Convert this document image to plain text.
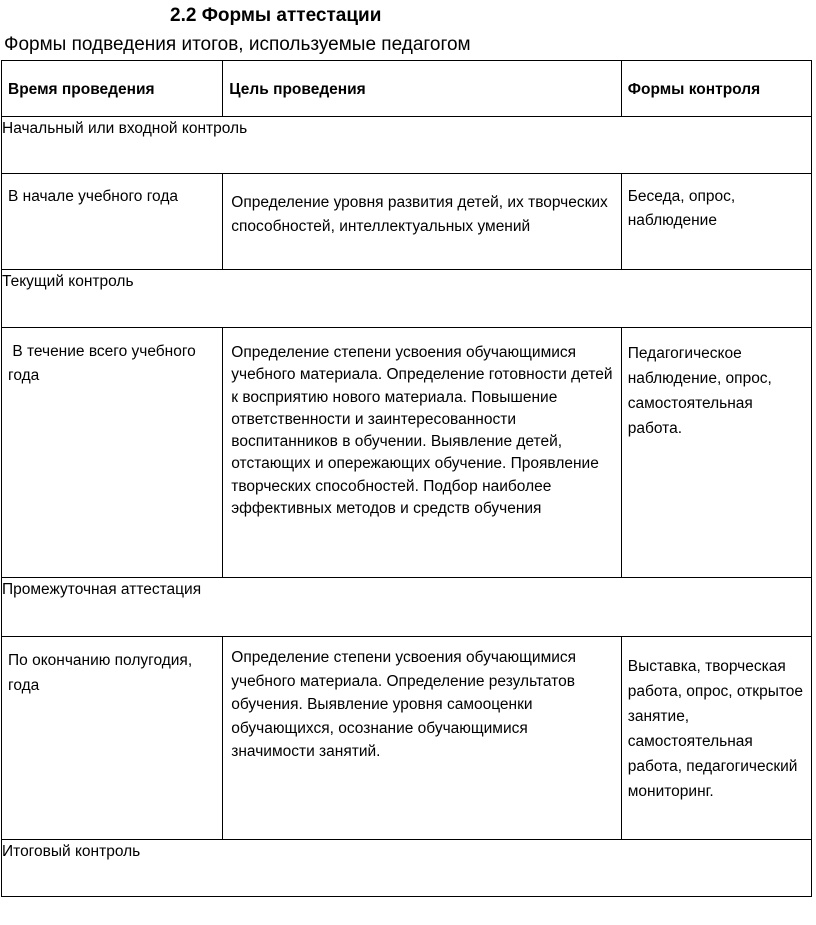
2.2 Формы аттестации
Формы подведения итогов, используемые педагогом
Время проведения	Цель проведения	Формы контроля
Начальный или входной контроль		

В начале учебного года	Определение уровня развития детей, их творческих способностей, интеллектуальных умений	Беседа, опрос, наблюдение

Текущий контроль		

В течение всего учебного года	Определение степени усвоения обучающимися учебного материала. Определение готовности детей к восприятию нового материала. Повышение ответственности и заинтересованности воспитанников в обучении. Выявление детей, отстающих и опережающих обучение. Проявление творческих способностей. Подбор наиболее эффективных методов и средств обучения	Педагогическое наблюдение, опрос, самостоятельная работа.

Промежуточная аттестация		

По окончанию полугодия, года	Определение степени усвоения обучающимися учебного материала. Определение результатов обучения. Выявление уровня самооценки обучающихся, осознание обучающимися значимости занятий.	Выставка, творческая работа, опрос, открытое занятие, самостоятельная работа, педагогический мониторинг.

Итоговый контроль		
